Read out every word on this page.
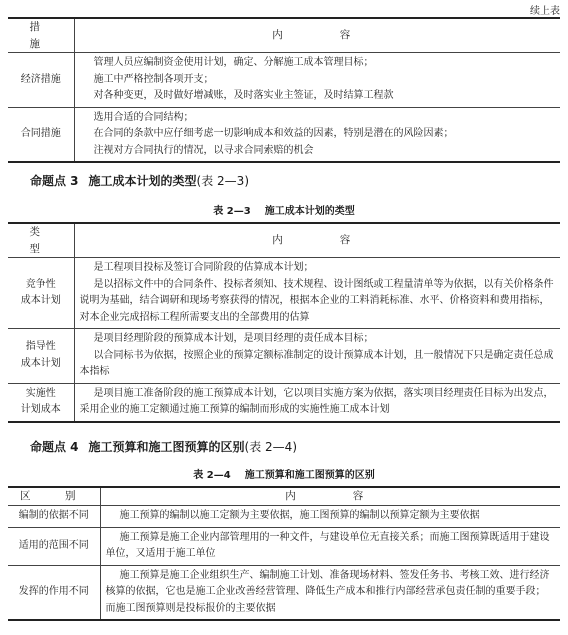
续上表
措　施	内　　容
经济措施	管理人员应编制资金使用计划，确定、分解施工成本管理目标；
施工中严格控制各项开支；
对各种变更，及时做好增减账，及时落实业主签证，及时结算工程款

合同措施	选用合适的合同结构；
在合同的条款中应仔细考虑一切影响成本和效益的因素，特别是潜在的风险因素；
注视对方合同执行的情况，以寻求合同索赔的机会
命题点 3 施工成本计划的类型(表 2—3)
表 2—3 施工成本计划的类型
类　型	内　　容

竞争性
成本计划	是工程项目投标及签订合同阶段的估算成本计划；
是以招标文件中的合同条件、投标者须知、技术规程、设计图纸或工程量清单等为依据，以有关价格条件说明为基础，结合调研和现场考察获得的情况，根据本企业的工料消耗标准、水平、价格资料和费用指标，对本企业完成招标工程所需要支出的全部费用的估算

指导性
成本计划	是项目经理阶段的预算成本计划，是项目经理的责任成本目标；
以合同标书为依据，按照企业的预算定额标准制定的设计预算成本计划，且一般情况下只是确定责任总成本指标

实施性
计划成本	是项目施工准备阶段的施工预算成本计划，它以项目实施方案为依据，落实项目经理责任目标为出发点，采用企业的施工定额通过施工预算的编制而形成的实施性施工成本计划
命题点 4 施工预算和施工图预算的区别(表 2—4)
表 2—4 施工预算和施工图预算的区别
区　别	内　　容
编制的依据不同	施工预算的编制以施工定额为主要依据，施工图预算的编制以预算定额为主要依据

适用的范围不同	施工预算是施工企业内部管理用的一种文件，与建设单位无直接关系；而施工图预算既适用于建设单位，又适用于施工单位

发挥的作用不同	施工预算是施工企业组织生产、编制施工计划、准备现场材料、签发任务书、考核工效、进行经济核算的依据，它也是施工企业改善经营管理、降低生产成本和推行内部经营承包责任制的重要手段；而施工图预算则是投标报价的主要依据
